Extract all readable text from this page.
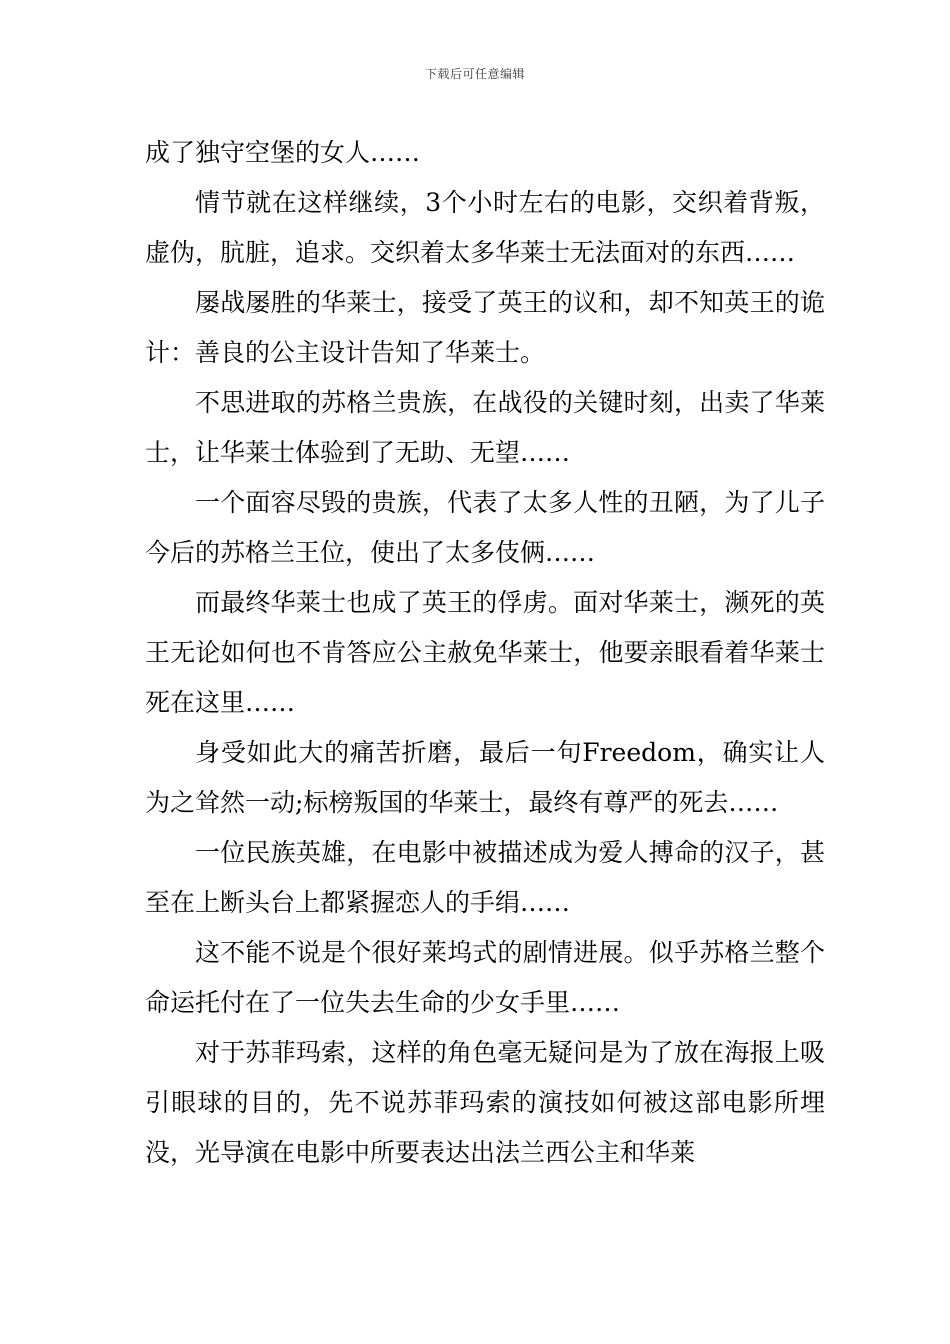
下载后可任意编辑

成了独守空堡的女人……

情节就在这样继续，3个小时左右的电影，交织着背叛，虚伪，肮脏，追求。交织着太多华莱士无法面对的东西……

屡战屡胜的华莱士，接受了英王的议和，却不知英王的诡计：善良的公主设计告知了华莱士。

不思进取的苏格兰贵族，在战役的关键时刻，出卖了华莱士，让华莱士体验到了无助、无望……

一个面容尽毁的贵族，代表了太多人性的丑陋，为了儿子今后的苏格兰王位，使出了太多伎俩……

而最终华莱士也成了英王的俘虏。面对华莱士，濒死的英王无论如何也不肯答应公主赦免华莱士，他要亲眼看着华莱士死在这里……

身受如此大的痛苦折磨，最后一句Freedom，确实让人为之耸然一动;标榜叛国的华莱士，最终有尊严的死去……

一位民族英雄，在电影中被描述成为爱人搏命的汉子，甚至在上断头台上都紧握恋人的手绢……

这不能不说是个很好莱坞式的剧情进展。似乎苏格兰整个命运托付在了一位失去生命的少女手里……

对于苏菲玛索，这样的角色毫无疑问是为了放在海报上吸引眼球的目的，先不说苏菲玛索的演技如何被这部电影所埋没，光导演在电影中所要表达出法兰西公主和华莱
